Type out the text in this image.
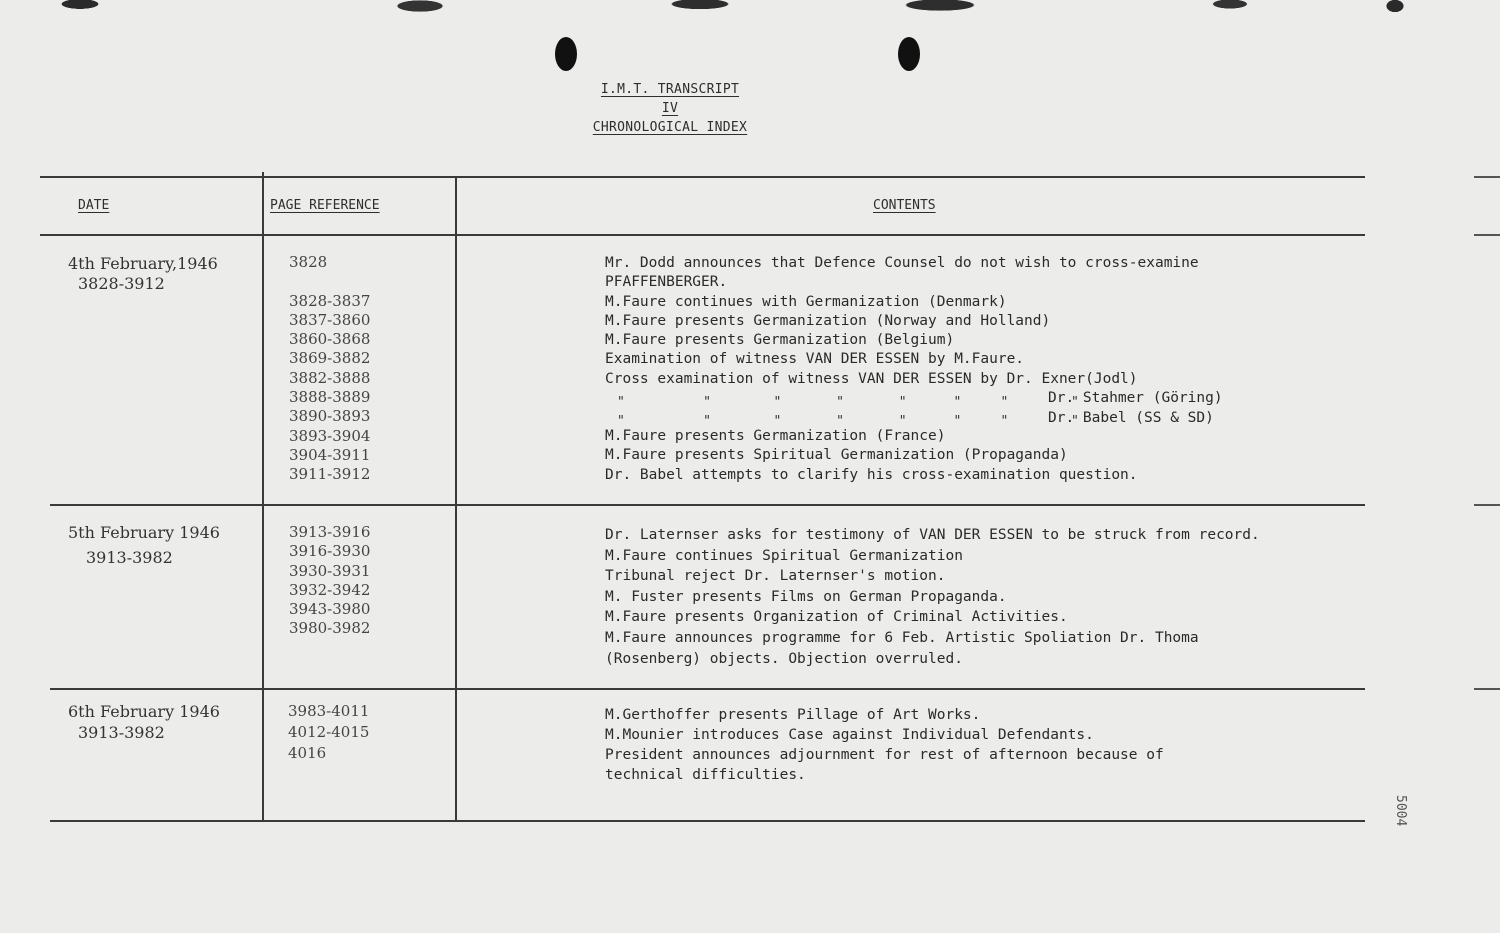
I.M.T. TRANSCRIPT
IV
CHRONOLOGICAL INDEX
DATE	PAGE REFERENCE	CONTENTS
4th February,1946
3828-3912
3828

3828-3837
3837-3860
3860-3868
3869-3882
3882-3888
3888-3889
3890-3893
3893-3904
3904-3911
3911-3912
Mr. Dodd announces that Defence Counsel do not wish to cross-examine
PFAFFENBERGER.
M.Faure continues with Germanization (Denmark)
M.Faure presents Germanization (Norway and Holland)
M.Faure presents Germanization (Belgium)
Examination of witness VAN DER ESSEN by M.Faure.
Cross examination of witness VAN DER ESSEN by Dr. Exner(Jodl)
"          "        "       "       "      "     "        "
Dr. Stahmer (Göring)
"          "        "       "       "      "     "        "
Dr. Babel (SS & SD)
M.Faure presents Germanization (France)
M.Faure presents Spiritual Germanization (Propaganda)
Dr. Babel attempts to clarify his cross-examination question.
5th February 1946
3913-3982
3913-3916
3916-3930
3930-3931
3932-3942
3943-3980
3980-3982
Dr. Laternser asks for testimony of VAN DER ESSEN to be struck from record.
M.Faure continues Spiritual Germanization
Tribunal reject Dr. Laternser's motion.
M. Fuster presents Films on German Propaganda.
M.Faure presents Organization of Criminal Activities.
M.Faure announces programme for 6 Feb. Artistic Spoliation Dr. Thoma
(Rosenberg) objects. Objection overruled.
6th February 1946
3913-3982
3983-4011
4012-4015
4016
M.Gerthoffer presents Pillage of Art Works.
M.Mounier introduces Case against Individual Defendants.
President announces adjournment for rest of afternoon because of
technical difficulties.
5004
